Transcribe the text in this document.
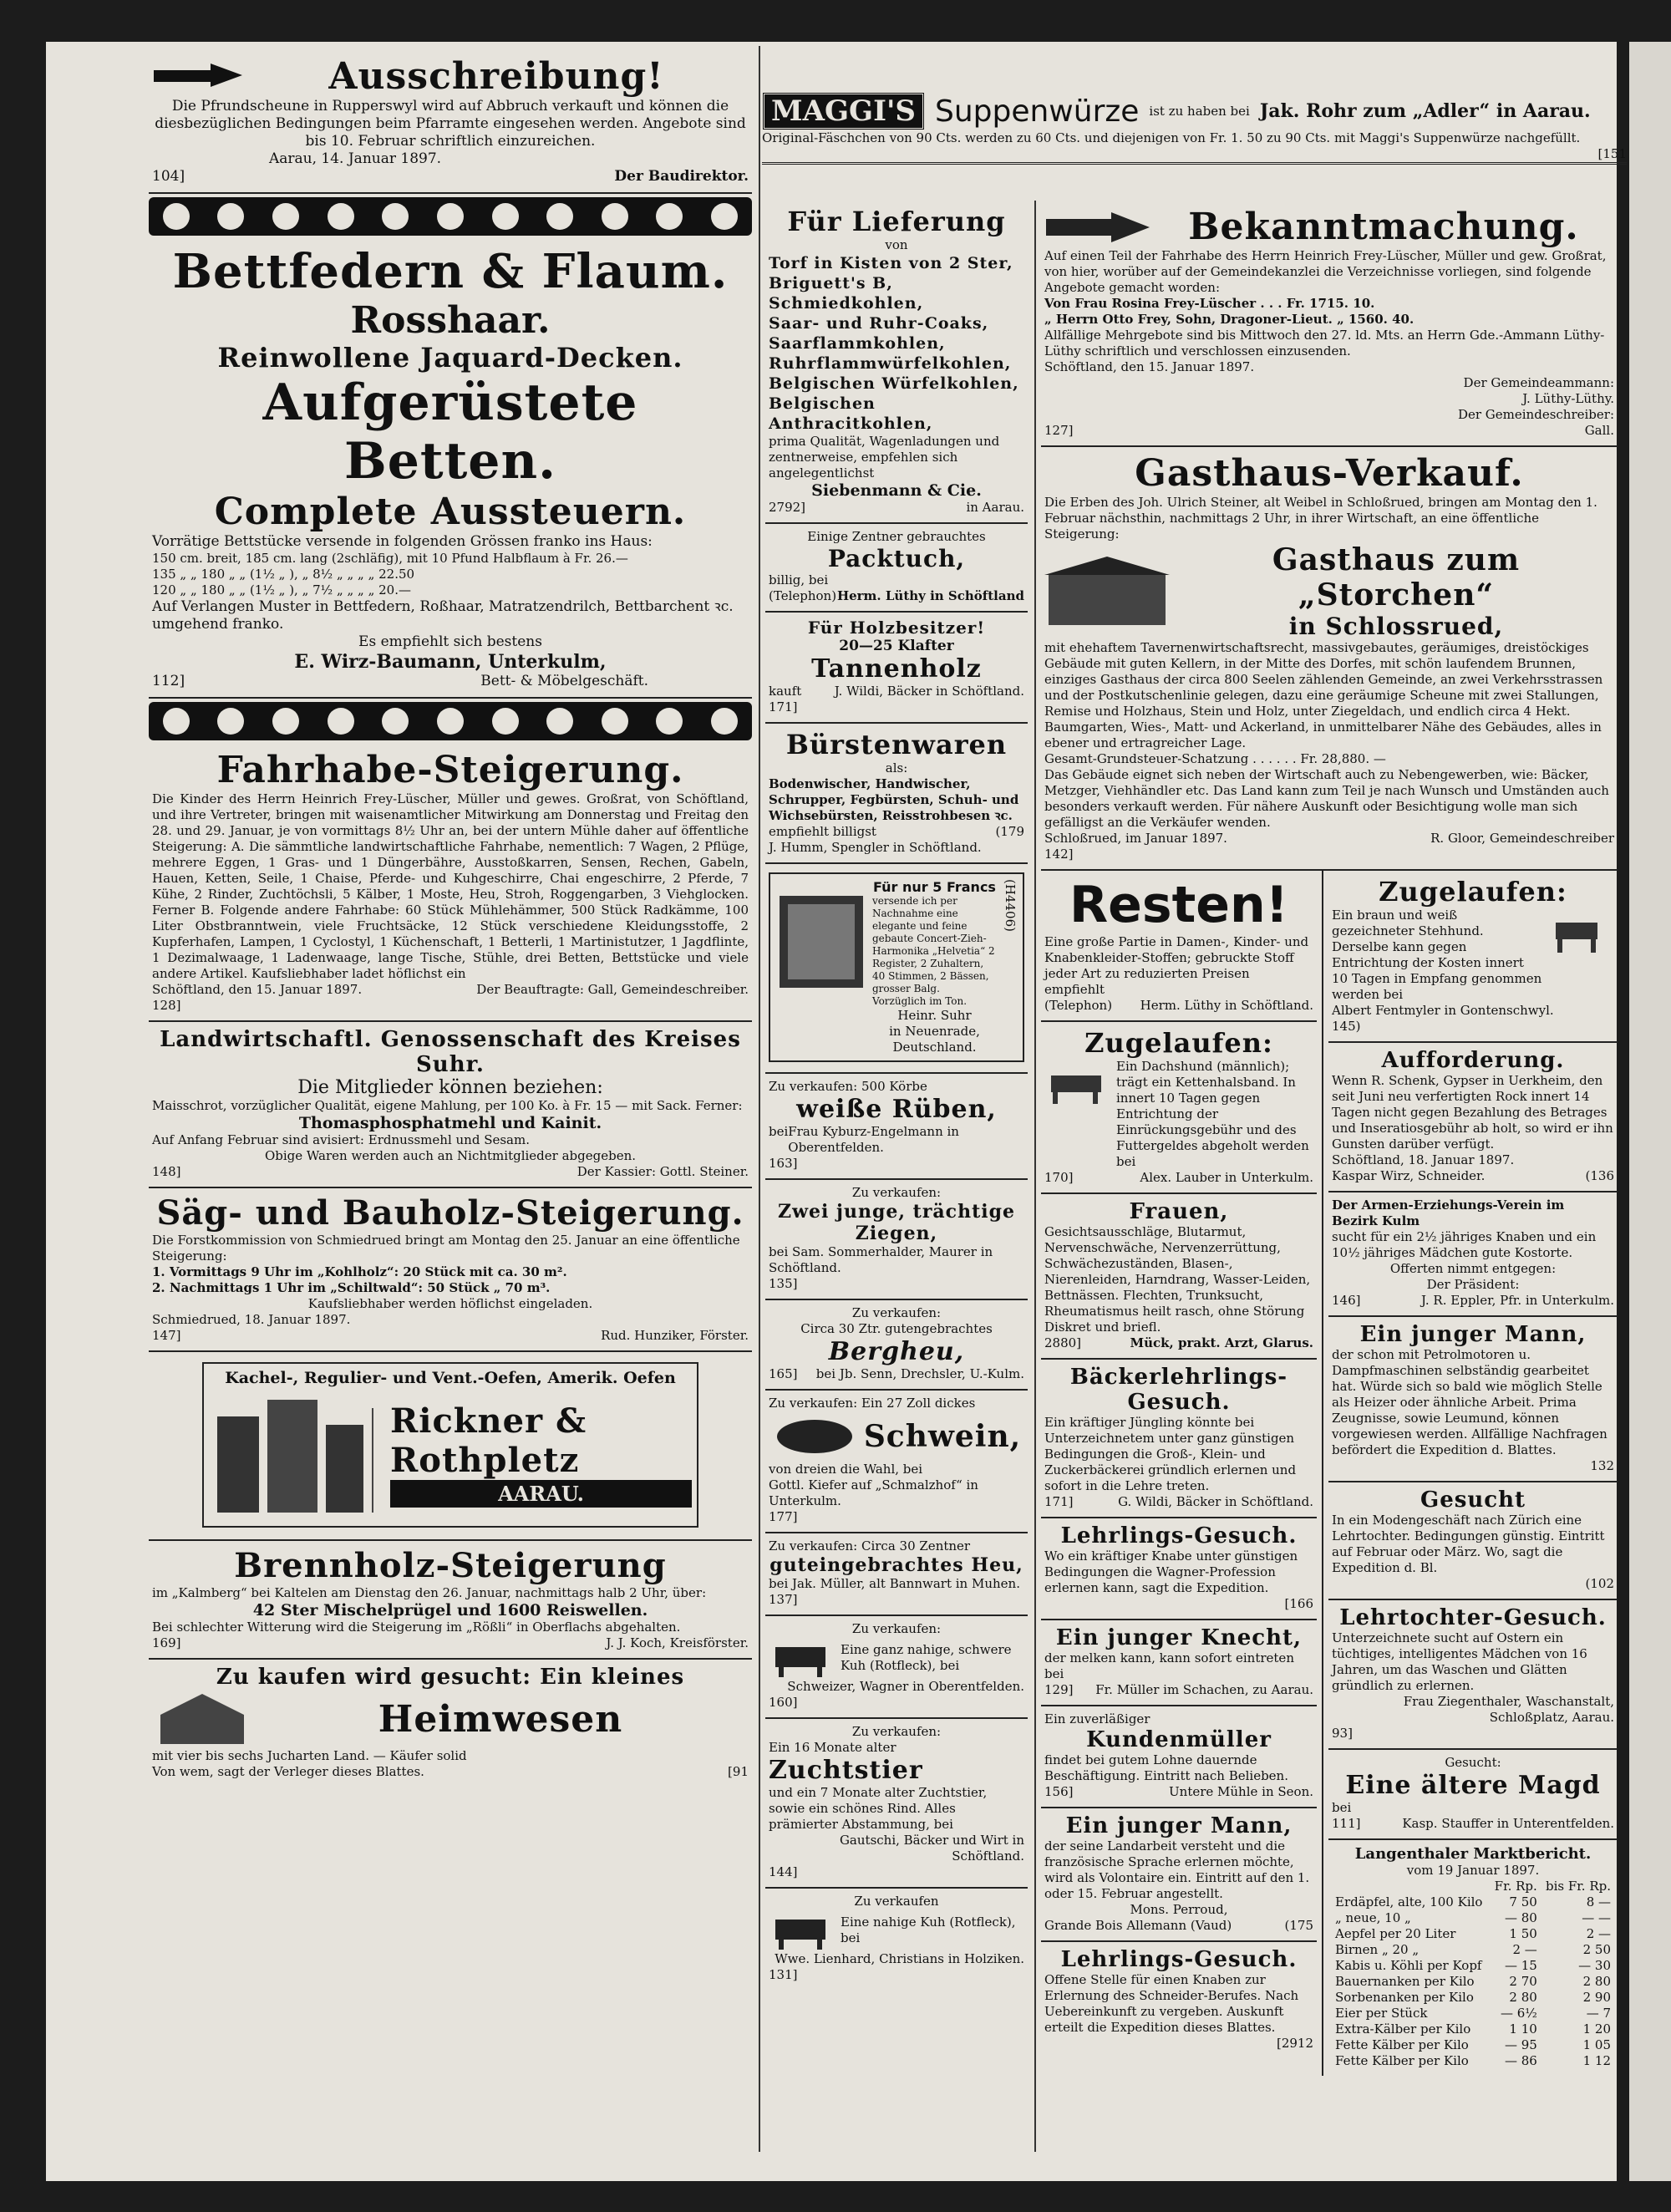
Ausschreibung!
Die Pfrundscheune in Rupperswyl wird auf Abbruch verkauft und können die diesbezüglichen Bedingungen beim Pfarramte eingesehen werden. Angebote sind bis 10. Februar schriftlich einzureichen.
Aarau, 14. Januar 1897.
104]	Der Baudirektor.
Bettfedern & Flaum.
Rosshaar.
Reinwollene Jaquard-Decken.
Aufgerüstete Betten.
Complete Aussteuern.
Vorrätige Bettstücke versende in folgenden Grössen franko ins Haus:
150 cm. breit, 185 cm. lang (2schläfig), mit 10 Pfund Halbflaum à Fr. 26.—
135 „ „ 180 „ „ (1½ „ ), „ 8½ „ „ „ „ 22.50
120 „ „ 180 „ „ (1½ „ ), „ 7½ „ „ „ „ 20.—
Auf Verlangen Muster in Bettfedern, Roßhaar, Matratzendrilch, Bettbarchent ꝛc. umgehend franko.
Es empfiehlt sich bestens
E. Wirz-Baumann, Unterkulm,
112]	Bett- & Möbelgeschäft.
Fahrhabe-Steigerung.
Die Kinder des Herrn Heinrich Frey-Lüscher, Müller und gewes. Großrat, von Schöftland, und ihre Vertreter, bringen mit waisenamtlicher Mitwirkung am Donnerstag und Freitag den 28. und 29. Januar, je von vormittags 8½ Uhr an, bei der untern Mühle daher auf öffentliche Steigerung: A. Die sämmtliche landwirtschaftliche Fahrhabe, nementlich: 7 Wagen, 2 Pflüge, mehrere Eggen, 1 Gras- und 1 Düngerbähre, Ausstoßkarren, Sensen, Rechen, Gabeln, Hauen, Ketten, Seile, 1 Chaise, Pferde- und Kuhgeschirre, Chai engeschirre, 2 Pferde, 7 Kühe, 2 Rinder, Zuchtöchsli, 5 Kälber, 1 Moste, Heu, Stroh, Roggengarben, 3 Viehglocken. Ferner B. Folgende andere Fahrhabe: 60 Stück Mühlehämmer, 500 Stück Radkämme, 100 Liter Obstbranntwein, viele Fruchtsäcke, 12 Stück verschiedene Kleidungsstoffe, 2 Kupferhafen, Lampen, 1 Cyclostyl, 1 Küchenschaft, 1 Betterli, 1 Martinistutzer, 1 Jagdflinte, 1 Dezimalwaage, 1 Ladenwaage, lange Tische, Stühle, drei Betten, Bettstücke und viele andere Artikel. Kaufsliebhaber ladet höflichst ein
Schöftland, den 15. Januar 1897.	Der Beauftragte: Gall, Gemeindeschreiber.
128]
Landwirtschaftl. Genossenschaft des Kreises Suhr.
Die Mitglieder können beziehen:
Maisschrot, vorzüglicher Qualität, eigene Mahlung, per 100 Ko. à Fr. 15 — mit Sack. Ferner:
Thomasphosphatmehl und Kainit.
Auf Anfang Februar sind avisiert: Erdnussmehl und Sesam.
Obige Waren werden auch an Nichtmitglieder abgegeben.
148]	Der Kassier: Gottl. Steiner.
Säg- und Bauholz-Steigerung.
Die Forstkommission von Schmiedrued bringt am Montag den 25. Januar an eine öffentliche Steigerung:
1. Vormittags 9 Uhr im „Kohlholz“: 20 Stück mit ca. 30 m².
2. Nachmittags 1 Uhr im „Schiltwald“: 50 Stück „ 70 m³.
Kaufsliebhaber werden höflichst eingeladen.
Schmiedrued, 18. Januar 1897.
147]	Rud. Hunziker, Förster.
Kachel-, Regulier- und Vent.-Oefen, Amerik. Oefen
Rickner & Rothpletz
AARAU.
Brennholz-Steigerung
im „Kalmberg“ bei Kaltelen am Dienstag den 26. Januar, nachmittags halb 2 Uhr, über:
42 Ster Mischelprügel und 1600 Reiswellen.
Bei schlechter Witterung wird die Steigerung im „Rößli“ in Oberflachs abgehalten.
169]	J. J. Koch, Kreisförster.
Zu kaufen wird gesucht: Ein kleines
Heimwesen
mit vier bis sechs Jucharten Land. — Käufer solid
Von wem, sagt der Verleger dieses Blattes.	[91
MAGGI'S Suppenwürze ist zu haben bei Jak. Rohr zum „Adler“ in Aarau.
Original-Fäschchen von 90 Cts. werden zu 60 Cts. und diejenigen von Fr. 1. 50 zu 90 Cts. mit Maggi's Suppenwürze nachgefüllt.
[151
Für Lieferung
von
Torf in Kisten von 2 Ster,
Briguett's B,
Schmiedkohlen,
Saar- und Ruhr-Coaks,
Saarflammkohlen,
Ruhrflammwürfelkohlen,
Belgischen Würfelkohlen,
Belgischen Anthracitkohlen,
prima Qualität, Wagenladungen und zentnerweise, empfehlen sich angelegentlichst
Siebenmann & Cie.
2792]	in Aarau.
Einige Zentner gebrauchtes
Packtuch,
billig, bei
(Telephon) Herm. Lüthy in Schöftland
Für Holzbesitzer!
20—25 Klafter
Tannenholz
kauft	J. Wildi, Bäcker in Schöftland.
171]
Bürstenwaren
als:
Bodenwischer, Handwischer, Schrupper, Fegbürsten, Schuh- und Wichsebürsten, Reisstrohbesen ꝛc.
empfiehlt billigst	(179
J. Humm, Spengler in Schöftland.
Für nur 5 Francs
versende ich per Nachnahme eine elegante und feine gebaute Concert-Zieh-Harmonika „Helvetia“ 2 Register, 2 Zuhaltern, 40 Stimmen, 2 Bässen, grosser Balg. Vorzüglich im Ton.
Heinr. Suhr
in Neuenrade, Deutschland.
(H4406)
Zu verkaufen: 500 Körbe
weiße Rüben,
bei Frau Kyburz-Engelmann in Oberentfelden.
163]
Zu verkaufen:
Zwei junge, trächtige Ziegen,
bei Sam. Sommerhalder, Maurer in Schöftland.
135]
Zu verkaufen:
Circa 30 Ztr. gutengebrachtes
Bergheu,
165] bei Jb. Senn, Drechsler, U.-Kulm.
Zu verkaufen: Ein 27 Zoll dickes
Schwein,
von dreien die Wahl, bei
Gottl. Kiefer auf „Schmalzhof“ in Unterkulm.
177]
Zu verkaufen: Circa 30 Zentner
guteingebrachtes Heu,
bei Jak. Müller, alt Bannwart in Muhen.
137]
Zu verkaufen:
Eine ganz nahige, schwere Kuh (Rotfleck), bei
Schweizer, Wagner in Oberentfelden.
160]
Zu verkaufen:
Ein 16 Monate alter
Zuchtstier
und ein 7 Monate alter Zuchtstier, sowie ein schönes Rind. Alles prämierter Abstammung, bei
Gautschi, Bäcker und Wirt in Schöftland.
144]
Zu verkaufen
Eine nahige Kuh (Rotfleck), bei
Wwe. Lienhard, Christians in Holziken.
131]
Bekanntmachung.
Auf einen Teil der Fahrhabe des Herrn Heinrich Frey-Lüscher, Müller und gew. Großrat, von hier, worüber auf der Gemeindekanzlei die Verzeichnisse vorliegen, sind folgende Angebote gemacht worden:
Von Frau Rosina Frey-Lüscher . . . Fr. 1715. 10.
„ Herrn Otto Frey, Sohn, Dragoner-Lieut. „ 1560. 40.
Allfällige Mehrgebote sind bis Mittwoch den 27. ld. Mts. an Herrn Gde.-Ammann Lüthy-Lüthy schriftlich und verschlossen einzusenden.
Schöftland, den 15. Januar 1897.
Der Gemeindeammann:
J. Lüthy-Lüthy.
Der Gemeindeschreiber:
127]	Gall.
Gasthaus-Verkauf.
Die Erben des Joh. Ulrich Steiner, alt Weibel in Schloßrued, bringen am Montag den 1. Februar nächsthin, nachmittags 2 Uhr, in ihrer Wirtschaft, an eine öffentliche Steigerung:
Gasthaus zum „Storchen“
in Schlossrued,
mit ehehaftem Tavernenwirtschaftsrecht, massivgebautes, geräumiges, dreistöckiges Gebäude mit guten Kellern, in der Mitte des Dorfes, mit schön laufendem Brunnen, einziges Gasthaus der circa 800 Seelen zählenden Gemeinde, an zwei Verkehrsstrassen und der Postkutschenlinie gelegen, dazu eine geräumige Scheune mit zwei Stallungen, Remise und Holzhaus, Stein und Holz, unter Ziegeldach, und endlich circa 4 Hekt. Baumgarten, Wies-, Matt- und Ackerland, in unmittelbarer Nähe des Gebäudes, alles in ebener und ertragreicher Lage.
Gesamt-Grundsteuer-Schatzung . . . . . . Fr. 28,880. —
Das Gebäude eignet sich neben der Wirtschaft auch zu Nebengewerben, wie: Bäcker, Metzger, Viehhändler etc. Das Land kann zum Teil je nach Wunsch und Umständen auch besonders verkauft werden. Für nähere Auskunft oder Besichtigung wolle man sich gefälligst an die Verkäufer wenden.
Schloßrued, im Januar 1897.	R. Gloor, Gemeindeschreiber
142]
Resten!
Eine große Partie in Damen-, Kinder- und Knabenkleider-Stoffen; gebruckte Stoff jeder Art zu reduzierten Preisen empfiehlt
(Telephon) Herm. Lüthy in Schöftland.
Zugelaufen:
Ein Dachshund (männlich); trägt ein Kettenhalsband. In innert 10 Tagen gegen Entrichtung der Einrückungsgebühr und des Futtergeldes abgeholt werden bei
170]	Alex. Lauber in Unterkulm.
Frauen,
Gesichtsausschläge, Blutarmut, Nervenschwäche, Nervenzerrüttung, Schwächezuständen, Blasen-, Nierenleiden, Harndrang, Wasser-Leiden, Bettnässen. Flechten, Trunksucht, Rheumatismus heilt rasch, ohne Störung Diskret und briefl.
2880]	Mück, prakt. Arzt, Glarus.
Bäckerlehrlings-Gesuch.
Ein kräftiger Jüngling könnte bei Unterzeichnetem unter ganz günstigen Bedingungen die Groß-, Klein- und Zuckerbäckerei gründlich erlernen und sofort in die Lehre treten.
171]	G. Wildi, Bäcker in Schöftland.
Lehrlings-Gesuch.
Wo ein kräftiger Knabe unter günstigen Bedingungen die Wagner-Profession erlernen kann, sagt die Expedition.
[166
Ein junger Knecht,
der melken kann, kann sofort eintreten bei
129] Fr. Müller im Schachen, zu Aarau.
Ein zuverläßiger
Kundenmüller
findet bei gutem Lohne dauernde Beschäftigung. Eintritt nach Belieben.
156]	Untere Mühle in Seon.
Ein junger Mann,
der seine Landarbeit versteht und die französische Sprache erlernen möchte, wird als Volontaire ein. Eintritt auf den 1. oder 15. Februar angestellt.
Mons. Perroud,
Grande Bois Allemann (Vaud)	(175
Lehrlings-Gesuch.
Offene Stelle für einen Knaben zur Erlernung des Schneider-Berufes. Nach Uebereinkunft zu vergeben. Auskunft erteilt die Expedition dieses Blattes.
[2912
Zugelaufen:
Ein braun und weiß gezeichneter Stehhund. Derselbe kann gegen Entrichtung der Kosten innert 10 Tagen in Empfang genommen werden bei
Albert Fentmyler in Gontenschwyl.
145)
Aufforderung.
Wenn R. Schenk, Gypser in Uerkheim, den seit Juni neu verfertigten Rock innert 14 Tagen nicht gegen Bezahlung des Betrages und Inseratiosgebühr ab holt, so wird er ihn Gunsten darüber verfügt.
Schöftland, 18. Januar 1897.
Kaspar Wirz, Schneider.	(136
Der Armen-Erziehungs-Verein im Bezirk Kulm
sucht für ein 2½ jähriges Knaben und ein 10½ jähriges Mädchen gute Kostorte.
Offerten nimmt entgegen:
Der Präsident:
146]	J. R. Eppler, Pfr. in Unterkulm.
Ein junger Mann,
der schon mit Petrolmotoren u. Dampfmaschinen selbständig gearbeitet hat. Würde sich so bald wie möglich Stelle als Heizer oder ähnliche Arbeit. Prima Zeugnisse, sowie Leumund, können vorgewiesen werden. Allfällige Nachfragen befördert die Expedition d. Blattes.
132
Gesucht
In ein Modengeschäft nach Zürich eine Lehrtochter. Bedingungen günstig. Eintritt auf Februar oder März. Wo, sagt die Expedition d. Bl.
(102
Lehrtochter-Gesuch.
Unterzeichnete sucht auf Ostern ein tüchtiges, intelligentes Mädchen von 16 Jahren, um das Waschen und Glätten gründlich zu erlernen.
Frau Ziegenthaler, Waschanstalt, Schloßplatz, Aarau.
93]
Gesucht:
Eine ältere Magd
bei
111]	Kasp. Stauffer in Unterentfelden.
Langenthaler Marktbericht.
vom 19 Januar 1897.
	Fr. Rp.	bis Fr. Rp.
Erdäpfel, alte, 100 Kilo	7 50	8 —
„ neue, 10 „	— 80	— —
Aepfel per 20 Liter	1 50	2 —
Birnen „ 20 „	2 —	2 50
Kabis u. Köhli per Kopf	— 15	— 30
Bauernanken per Kilo	2 70	2 80
Sorbenanken per Kilo	2 80	2 90
Eier per Stück	— 6½	— 7
Extra-Kälber per Kilo	1 10	1 20
Fette Kälber per Kilo	— 95	1 05
Fette Kälber per Kilo	— 86	1 12
